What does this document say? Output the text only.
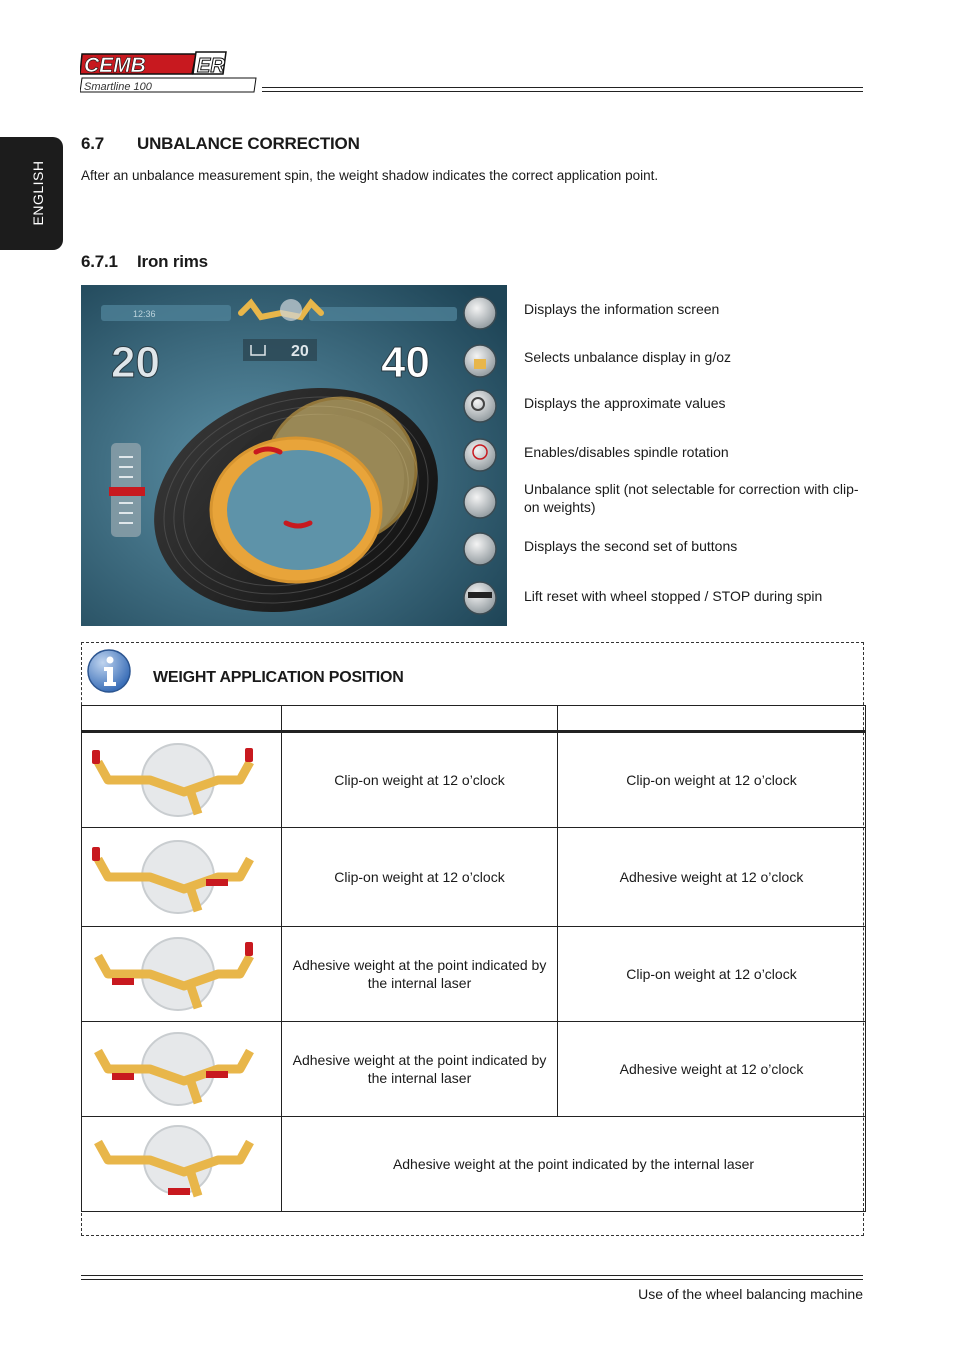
CEMB	ER
Smartline 100
ENGLISH
6.7 UNBALANCE CORRECTION
After an unbalance measurement spin, the weight shadow indicates the correct application point.
6.7.1 Iron rims
12:36
20	40
20
Displays the information screen
Selects unbalance display in g/oz
Displays the approximate values
Enables/disables spindle rotation
Unbalance split (not selectable for correction with clip-on weights)
Displays the second set of buttons
Lift reset with wheel stopped / STOP during spin
WEIGHT APPLICATION POSITION

	Clip-on weight at 12 o’clock	Clip-on weight at 12 o’clock

	Clip-on weight at 12 o’clock	Adhesive weight at 12 o’clock

	Adhesive weight at the point indicated by the internal laser	Clip-on weight at 12 o’clock

	Adhesive weight at the point indicated by the internal laser	Adhesive weight at 12 o’clock

	Adhesive weight at the point indicated by the internal laser	
Use of the wheel balancing machine
